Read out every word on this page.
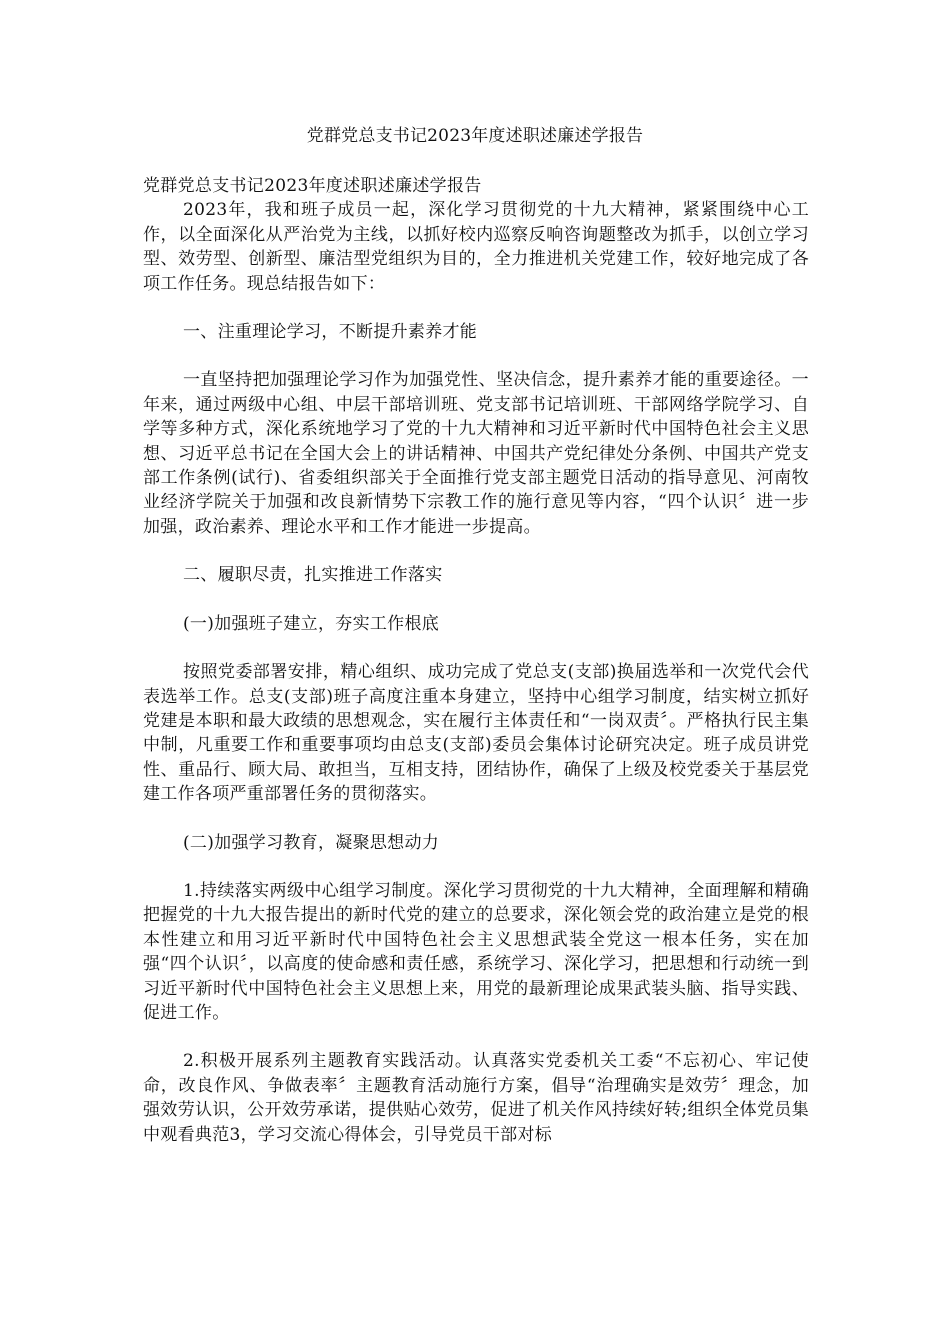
党群党总支书记2023年度述职述廉述学报告

党群党总支书记2023年度述职述廉述学报告

2023年，我和班子成员一起，深化学习贯彻党的十九大精神，紧紧围绕中心工作，以全面深化从严治党为主线，以抓好校内巡察反响咨询题整改为抓手，以创立学习型、效劳型、创新型、廉洁型党组织为目的，全力推进机关党建工作，较好地完成了各项工作任务。现总结报告如下：

一、注重理论学习，不断提升素养才能

一直坚持把加强理论学习作为加强党性、坚决信念，提升素养才能的重要途径。一年来，通过两级中心组、中层干部培训班、党支部书记培训班、干部网络学院学习、自学等多种方式，深化系统地学习了党的十九大精神和习近平新时代中国特色社会主义思想、习近平总书记在全国大会上的讲话精神、中国共产党纪律处分条例、中国共产党支部工作条例(试行)、省委组织部关于全面推行党支部主题党日活动的指导意见、河南牧业经济学院关于加强和改良新情势下宗教工作的施行意见等内容，“四个认识〞进一步加强，政治素养、理论水平和工作才能进一步提高。

二、履职尽责，扎实推进工作落实

(一)加强班子建立，夯实工作根底

按照党委部署安排，精心组织、成功完成了党总支(支部)换届选举和一次党代会代表选举工作。总支(支部)班子高度注重本身建立，坚持中心组学习制度，结实树立抓好党建是本职和最大政绩的思想观念，实在履行主体责任和“一岗双责〞。严格执行民主集中制，凡重要工作和重要事项均由总支(支部)委员会集体讨论研究决定。班子成员讲党性、重品行、顾大局、敢担当，互相支持，团结协作，确保了上级及校党委关于基层党建工作各项严重部署任务的贯彻落实。

(二)加强学习教育，凝聚思想动力

1.持续落实两级中心组学习制度。深化学习贯彻党的十九大精神，全面理解和精确把握党的十九大报告提出的新时代党的建立的总要求，深化领会党的政治建立是党的根本性建立和用习近平新时代中国特色社会主义思想武装全党这一根本任务，实在加强“四个认识〞，以高度的使命感和责任感，系统学习、深化学习，把思想和行动统一到习近平新时代中国特色社会主义思想上来，用党的最新理论成果武装头脑、指导实践、促进工作。

2.积极开展系列主题教育实践活动。认真落实党委机关工委“不忘初心、牢记使命，改良作风、争做表率〞主题教育活动施行方案，倡导“治理确实是效劳〞理念，加强效劳认识，公开效劳承诺，提供贴心效劳，促进了机关作风持续好转;组织全体党员集中观看典范3，学习交流心得体会，引导党员干部对标
